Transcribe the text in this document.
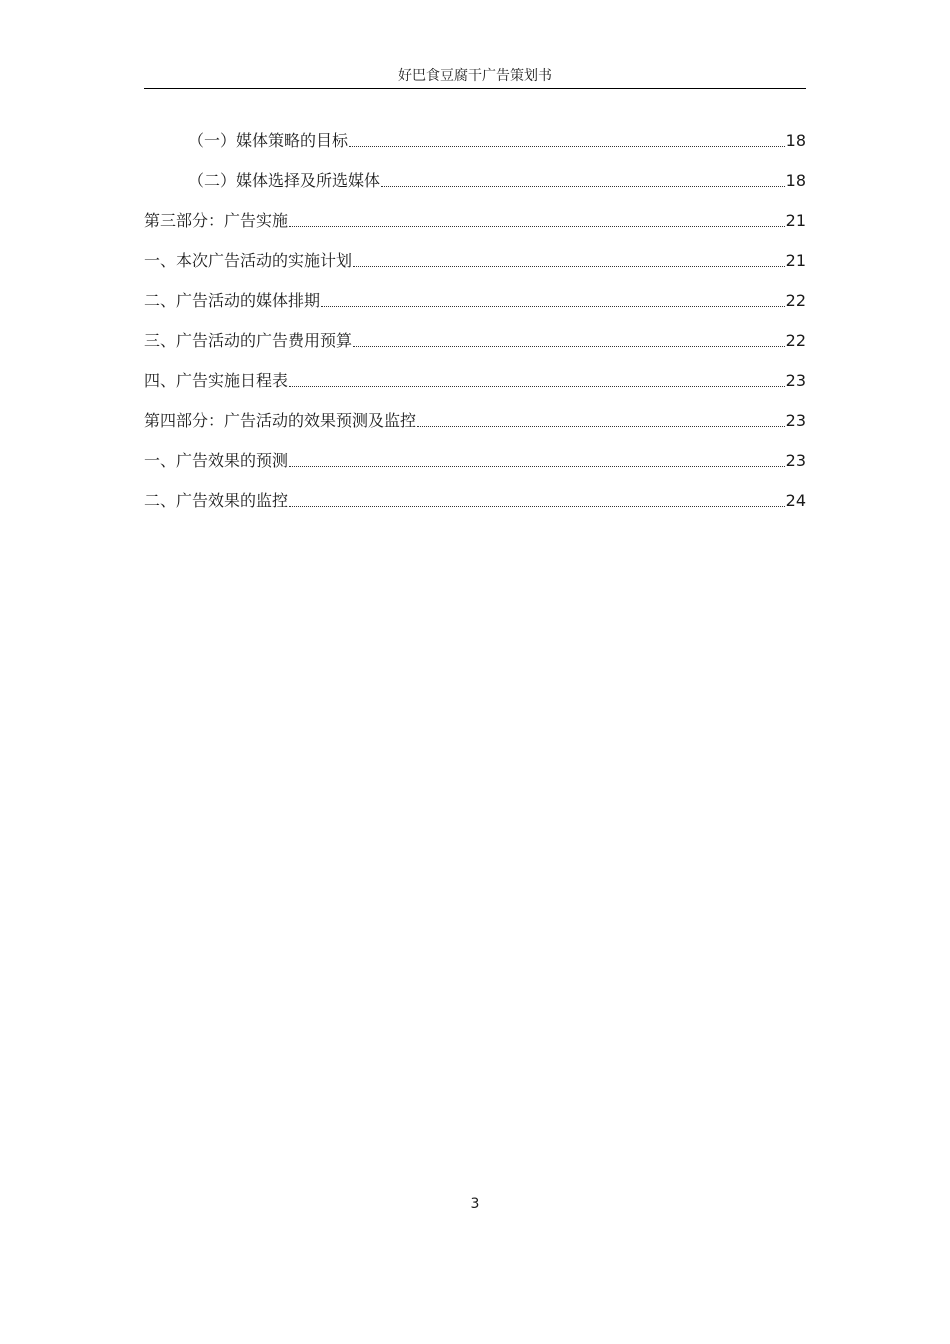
好巴食豆腐干广告策划书
（一）媒体策略的目标	18
（二）媒体选择及所选媒体	18
第三部分：广告实施	21
一、本次广告活动的实施计划	21
二、广告活动的媒体排期	22
三、广告活动的广告费用预算	22
四、广告实施日程表	23
第四部分：广告活动的效果预测及监控	23
一、广告效果的预测	23
二、广告效果的监控	24
3
